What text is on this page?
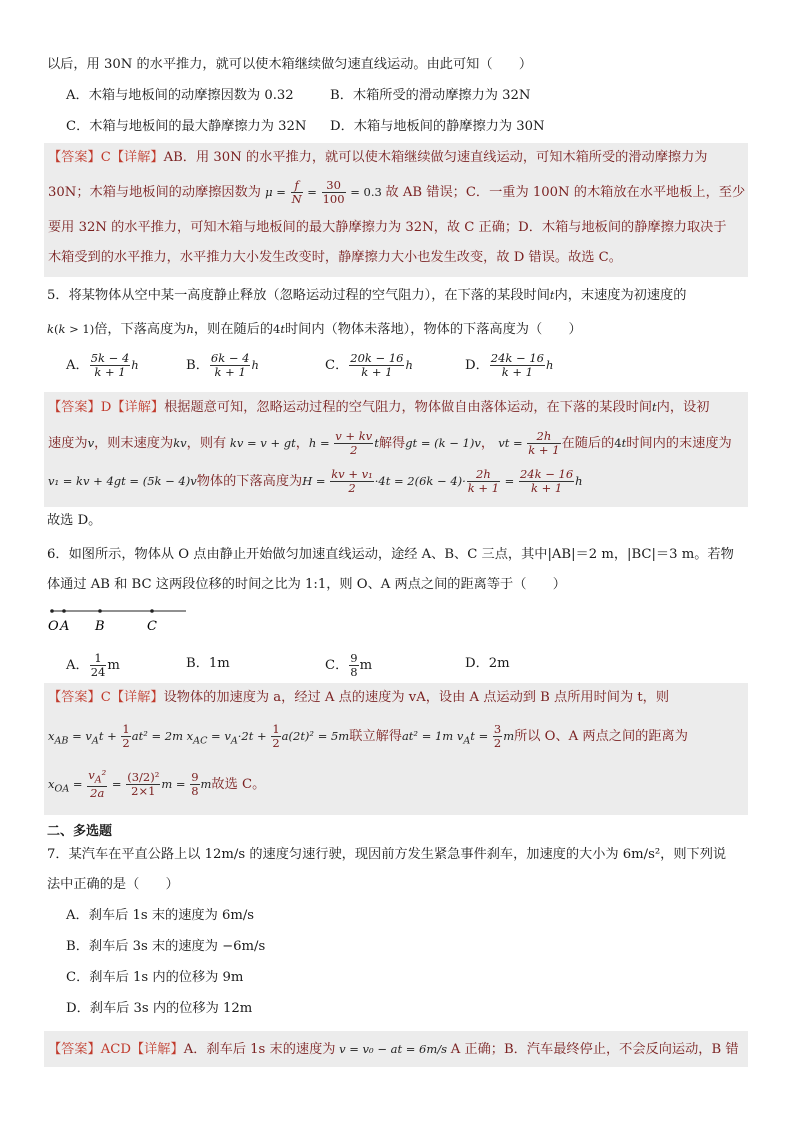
以后，用 30N 的水平推力，就可以使木箱继续做匀速直线运动。由此可知（　　）
A．木箱与地板间的动摩擦因数为 0.32	B．木箱所受的滑动摩擦力为 32N
C．木箱与地板间的最大静摩擦力为 32N D．木箱与地板间的静摩擦力为 30N
【答案】C【详解】AB．用 30N 的水平推力，就可以使木箱继续做匀速直线运动，可知木箱所受的滑动摩擦力为
30N；木箱与地板间的动摩擦因数为 $\mu = \frac{f}{N} = \frac{30}{100} = 0.3$ 故 AB 错误；C．一重为 100N 的木箱放在水平地板上，至少
要用 32N 的水平推力，可知木箱与地板间的最大静摩擦力为 32N，故 C 正确；D．木箱与地板间的静摩擦力取决于
木箱受到的水平推力，水平推力大小发生改变时，静摩擦力大小也发生改变，故 D 错误。故选 C。
5．将某物体从空中某一高度静止释放（忽略运动过程的空气阻力），在下落的某段时间t内，末速度为初速度的
k(k > 1)倍，下落高度为h，则在随后的4t时间内（物体未落地），物体的下落高度为（　　）
A． $\frac{5k - 4}{k + 1}$ h	B． $\frac{6k - 4}{k + 1}$ h	C． $\frac{20k - 16}{k + 1}$ h	D． $\frac{24k - 16}{k + 1}$ h
【答案】D【详解】根据题意可知，忽略运动过程的空气阻力，物体做自由落体运动，在下落的某段时间t内，设初
速度为v，则末速度为kv，则有 kv = v + gt，$h = \frac{v + kv}{2}$ t解得gt = (k − 1)v， vt = $\frac{2h}{k + 1}$ 在随后的4t时间内的末速度为
v₁ = kv + 4gt = (5k − 4)v物体的下落高度为$H = \frac{\text{kv + v₁}}{2} \cdot 4t = 2(6k - 4)\cdot \frac{2h}{k + 1} = \frac{24k - 16}{k + 1}$ h
故选 D。
6．如图所示，物体从 O 点由静止开始做匀加速直线运动，途经 A、B、C 三点，其中|AB|＝2 m，|BC|＝3 m。若物
体通过 AB 和 BC 这两段位移的时间之比为 1:1，则 O、A 两点之间的距离等于（　　）
O A B	C
A． $\frac{1}{24}$ m	B．1m	C． $\frac{9}{8}$ m	D．2m
【答案】C【详解】设物体的加速度为 a，经过 A 点的速度为 vA，设由 A 点运动到 B 点所用时间为 t，则
$x_{AB} = v_At + \frac{1}{2} at^2 = 2m$ $x_{AC} = v_A\cdot 2t + \frac{1}{2} a(2t)^2 = 5m$联立解得at² = 1m $v_At = \frac{3}{2}$ m所以 O、A 两点之间的距离为
$x_{OA} = \frac{v_A^2}{2a} = \frac{\text{(3/2)²}}{2\times 1}$ $m = \frac{9}{8}$ m故选 C。
二、多选题
7．某汽车在平直公路上以 12m/s 的速度匀速行驶，现因前方发生紧急事件刹车，加速度的大小为 6m/s²，则下列说
法中正确的是（　　）
A．刹车后 1s 末的速度为 6m/s
B．刹车后 3s 末的速度为 −6m/s
C．刹车后 1s 内的位移为 9m
D．刹车后 3s 内的位移为 12m
【答案】ACD【详解】A．刹车后 1s 末的速度为 v = v₀ − at = 6m/s A 正确；B．汽车最终停止，不会反向运动，B 错
